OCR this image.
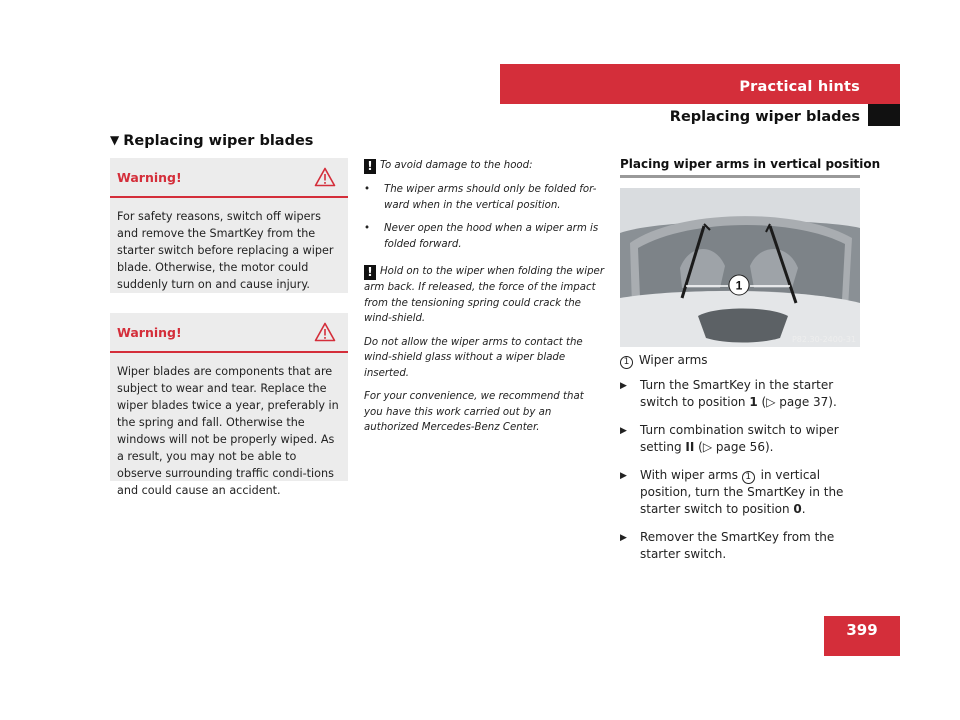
Practical hints
Replacing wiper blades
▼ Replacing wiper blades
Warning!
For safety reasons, switch off wipers and remove the SmartKey from the starter switch before replacing a wiper blade. Otherwise, the motor could suddenly turn on and cause injury.
Warning!
Wiper blades are components that are subject to wear and tear. Replace the wiper blades twice a year, preferably in the spring and fall. Otherwise the windows will not be properly wiped. As a result, you may not be able to observe surrounding traffic condi-tions and could cause an accident.

! To avoid damage to the hood:

•	The wiper arms should only be folded for-ward when in the vertical position.
•	Never open the hood when a wiper arm is folded forward.

! Hold on to the wiper when folding the wiper arm back. If released, the force of the impact from the tensioning spring could crack the wind-shield.

Do not allow the wiper arms to contact the wind-shield glass without a wiper blade inserted.

For your convenience, we recommend that you have this work carried out by an authorized Mercedes-Benz Center.

Placing wiper arms in vertical position
1
P82.30-2400-31
1 Wiper arms
▶	Turn the SmartKey in the starter switch to position 1 (▷ page 37).
▶	Turn combination switch to wiper setting II (▷ page 56).
▶	With wiper arms 1 in vertical position, turn the SmartKey in the starter switch to position 0.
▶	Remover the SmartKey from the starter switch.
399
